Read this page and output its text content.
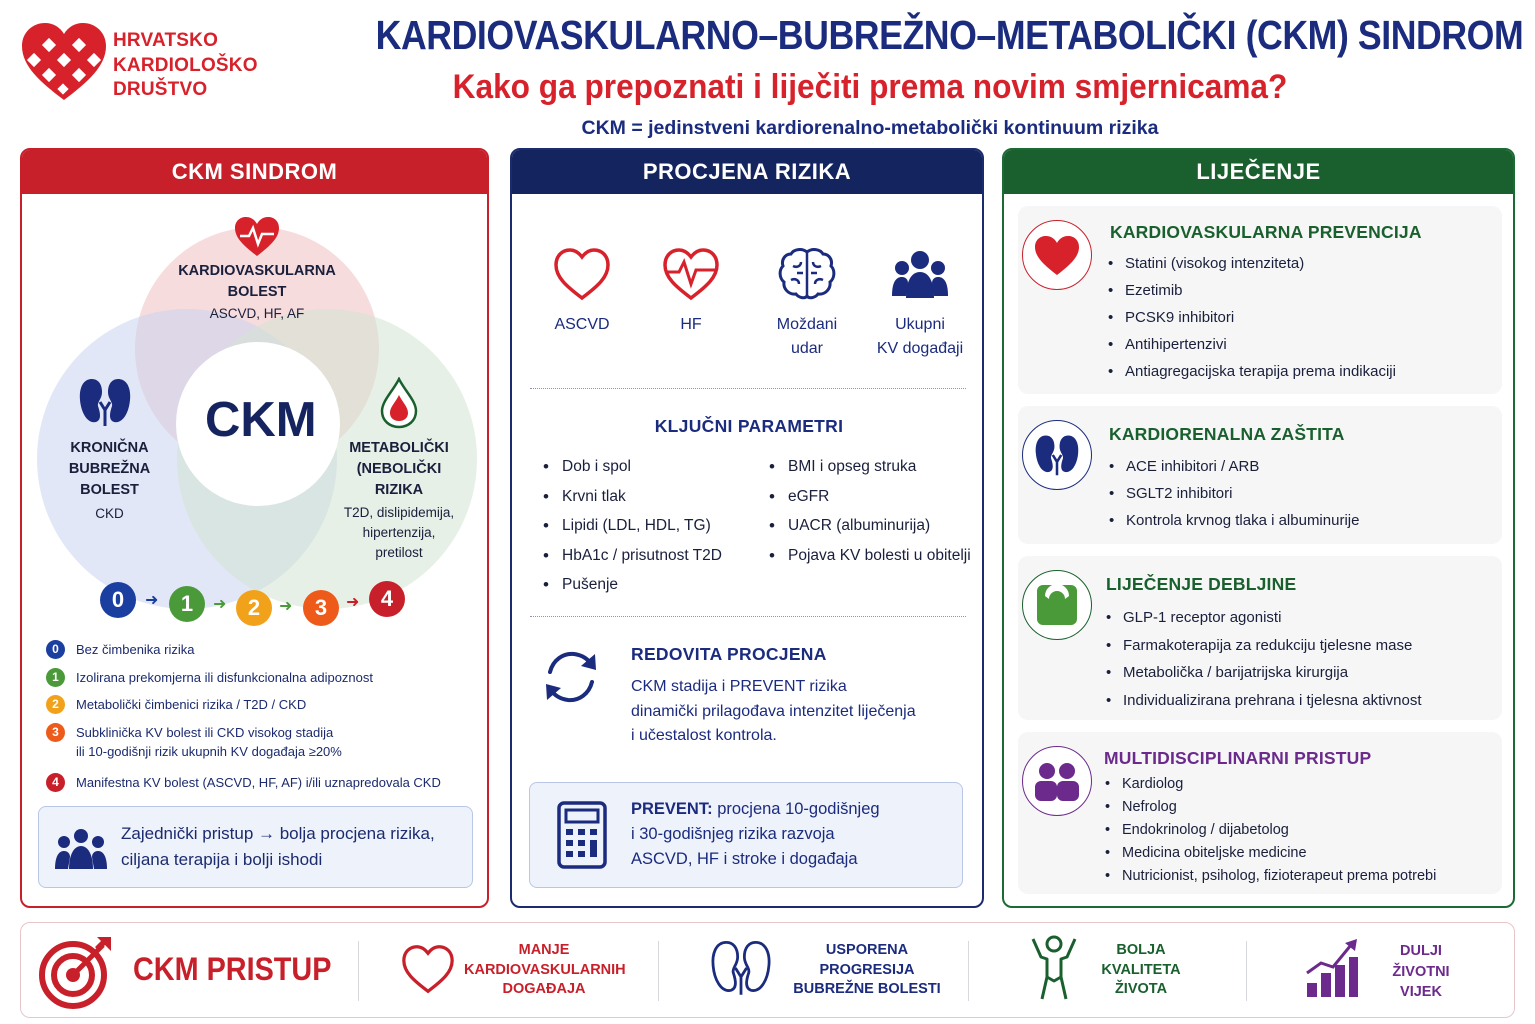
HRVATSKO
KARDIOLOŠKO
DRUŠTVO
KARDIOVASKULARNO–BUBREŽNO–METABOLIČKI (CKM) SINDROM
Kako ga prepoznati i liječiti prema novim smjernicama?
CKM = jedinstveni kardiorenalno-metabolički kontinuum rizika
CKM SINDROM
KARDIOVASKULARNA
BOLEST
ASCVD, HF, AF
KRONIČNA
BUBREŽNA
BOLEST
CKD
METABOLIČKI
(NEBOLIČKI
RIZIKA
T2D, dislipidemija,
hipertenzija,
pretilost
CKM
0	➜	1	➜ 2	➜	3	➜ 4
0	Bez čimbenika rizika
1	Izolirana prekomjerna ili disfunkcionalna adipoznost
2	Metabolički čimbenici rizika / T2D / CKD
3	Subklinička KV bolest ili CKD visokog stadija
ili 10-godišnji rizik ukupnih KV događaja ≥20%
4	Manifestna KV bolest (ASCVD, HF, AF) i/ili uznapredovala CKD
Zajednički pristup → bolja procjena rizika,
ciljana terapija i bolji ishodi
PROCJENA RIZIKA
ASCVD	HF	Moždani
udar
Ukupni
KV događaji
KLJUČNI PARAMETRI
• Dob i spol
• Krvni tlak
• Lipidi (LDL, HDL, TG)
• HbA1c / prisutnost T2D
• Pušenje
• BMI i opseg struka
• eGFR
• UACR (albuminurija)
• Pojava KV bolesti u obitelji
REDOVITA PROCJENA
CKM stadija i PREVENT rizika
dinamički prilagođava intenzitet liječenja
i učestalost kontrola.
PREVENT: procjena 10-godišnjeg
i 30-godišnjeg rizika razvoja
ASCVD, HF i stroke i događaja
LIJEČENJE
KARDIOVASKULARNA PREVENCIJA
• Statini (visokog intenziteta)
• Ezetimib
• PCSK9 inhibitori
• Antihipertenzivi
• Antiagregacijska terapija prema indikaciji
KARDIORENALNA ZAŠTITA
• ACE inhibitori / ARB
• SGLT2 inhibitori
• Kontrola krvnog tlaka i albuminurije
LIJEČENJE DEBLJINE
• GLP-1 receptor agonisti
• Farmakoterapija za redukciju tjelesne mase
• Metabolička / barijatrijska kirurgija
• Individualizirana prehrana i tjelesna aktivnost
MULTIDISCIPLINARNI PRISTUP
• Kardiolog
• Nefrolog
• Endokrinolog / dijabetolog
• Medicina obiteljske medicine
• Nutricionist, psiholog, fizioterapeut prema potrebi
CKM PRISTUP
MANJE
KARDIOVASKULARNIH
DOGAĐAJA
USPORENA
PROGRESIJA
BUBREŽNE BOLESTI
BOLJA
KVALITETA
ŽIVOTA
DULJI
ŽIVOTNI
VIJEK
